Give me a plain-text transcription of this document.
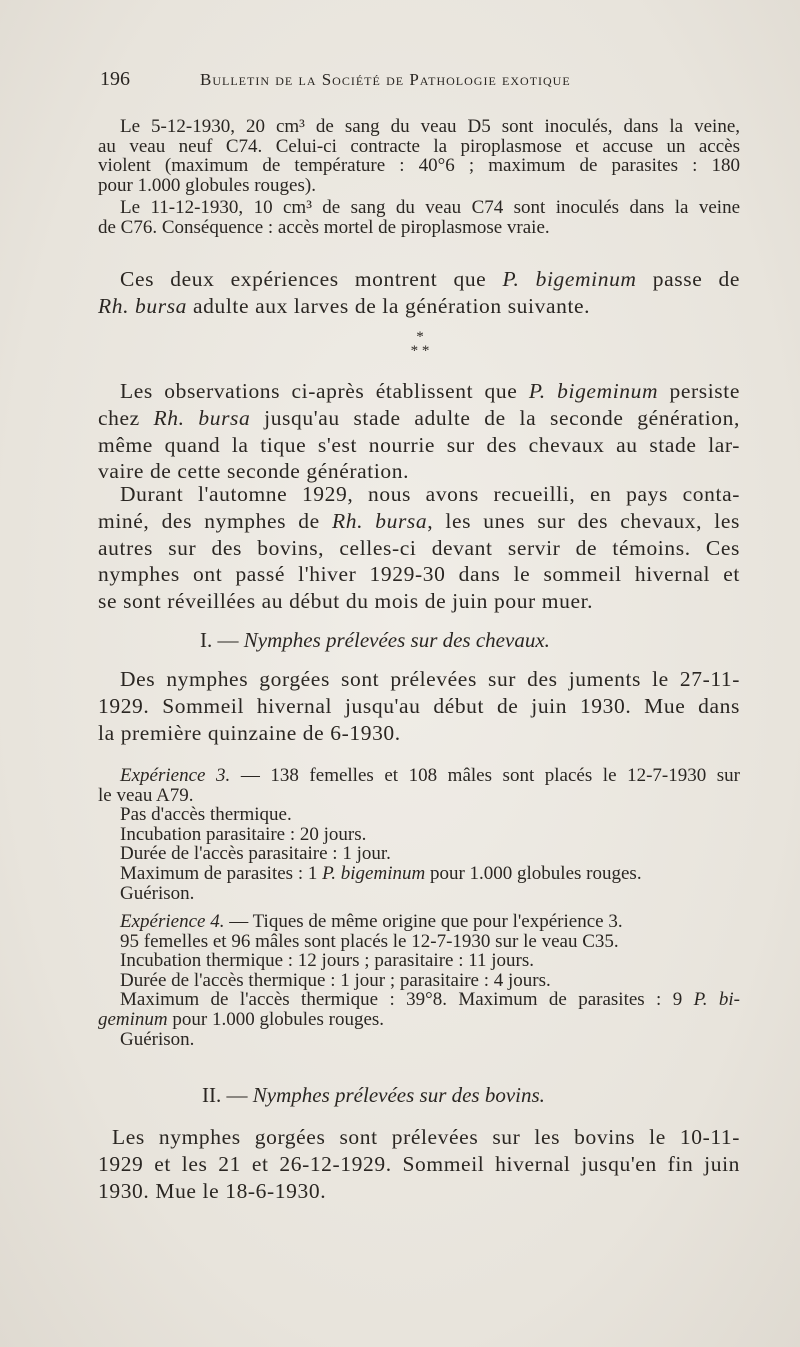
196	Bulletin de la Société de Pathologie exotique
Le 5-12-1930, 20 cm³ de sang du veau D5 sont inoculés, dans la veine,
au veau neuf C74. Celui-ci contracte la piroplasmose et accuse un accès
violent (maximum de température : 40°6 ; maximum de parasites : 180
pour 1.000 globules rouges).
Le 11-12-1930, 10 cm³ de sang du veau C74 sont inoculés dans la veine
de C76. Conséquence : accès mortel de piroplasmose vraie.
Ces deux expériences montrent que P. bigeminum passe de
Rh. bursa adulte aux larves de la génération suivante.
*
* *
Les observations ci-après établissent que P. bigeminum persiste
chez Rh. bursa jusqu'au stade adulte de la seconde génération,
même quand la tique s'est nourrie sur des chevaux au stade lar-
vaire de cette seconde génération.
Durant l'automne 1929, nous avons recueilli, en pays conta-
miné, des nymphes de Rh. bursa, les unes sur des chevaux, les
autres sur des bovins, celles-ci devant servir de témoins. Ces
nymphes ont passé l'hiver 1929-30 dans le sommeil hivernal et
se sont réveillées au début du mois de juin pour muer.
I. — Nymphes prélevées sur des chevaux.
Des nymphes gorgées sont prélevées sur des juments le 27-11-
1929. Sommeil hivernal jusqu'au début de juin 1930. Mue dans
la première quinzaine de 6-1930.
Expérience 3. — 138 femelles et 108 mâles sont placés le 12-7-1930 sur
le veau A79.
Pas d'accès thermique.
Incubation parasitaire : 20 jours.
Durée de l'accès parasitaire : 1 jour.
Maximum de parasites : 1 P. bigeminum pour 1.000 globules rouges.
Guérison.
Expérience 4. — Tiques de même origine que pour l'expérience 3.
95 femelles et 96 mâles sont placés le 12-7-1930 sur le veau C35.
Incubation thermique : 12 jours ; parasitaire : 11 jours.
Durée de l'accès thermique : 1 jour ; parasitaire : 4 jours.
Maximum de l'accès thermique : 39°8. Maximum de parasites : 9 P. bi-
geminum pour 1.000 globules rouges.
Guérison.
II. — Nymphes prélevées sur des bovins.
Les nymphes gorgées sont prélevées sur les bovins le 10-11-
1929 et les 21 et 26-12-1929. Sommeil hivernal jusqu'en fin juin
1930. Mue le 18-6-1930.
